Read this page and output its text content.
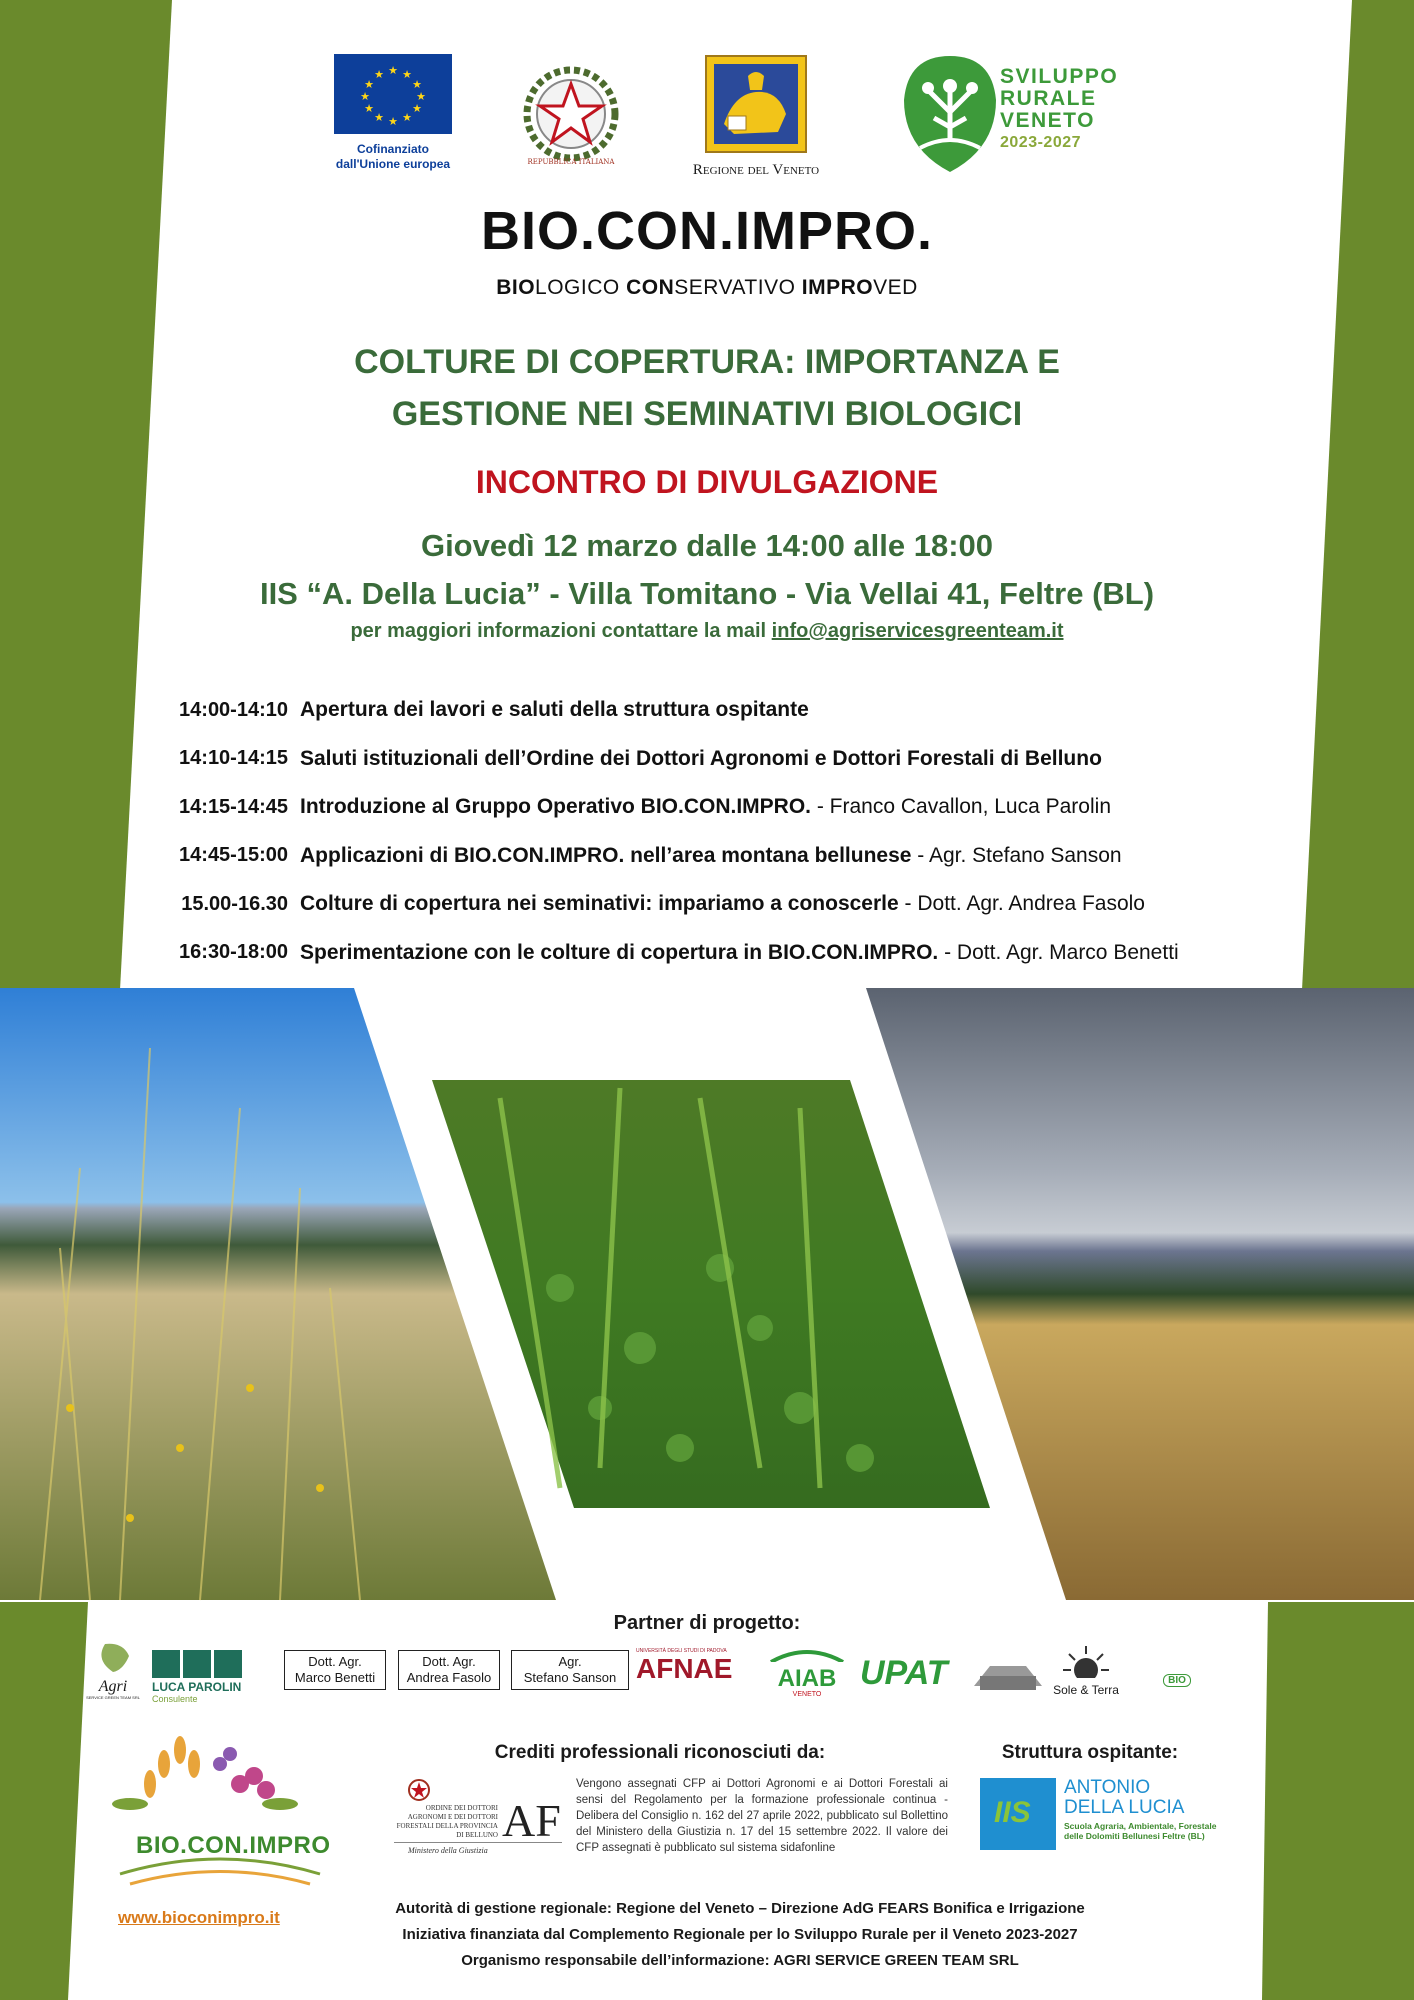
★ ★
★
★
★
★
★
★
★
★
★
★
Cofinanziato
dall'Unione europea	REPUBBLICA ITALIANA	Regione del Veneto
SVILUPPO
RURALE
VENETO
2023-2027
BIO.CON.IMPRO.
BIOLOGICO CONSERVATIVO IMPROVED
COLTURE DI COPERTURA: IMPORTANZA E
GESTIONE NEI SEMINATIVI BIOLOGICI
INCONTRO DI DIVULGAZIONE
Giovedì 12 marzo dalle 14:00 alle 18:00
IIS “A. Della Lucia” - Villa Tomitano - Via Vellai 41, Feltre (BL)
per maggiori informazioni contattare la mail info@agriservicesgreenteam.it
14:00-14:10 Apertura dei lavori e saluti della struttura ospitante
14:10-14:15 Saluti istituzionali dell’Ordine dei Dottori Agronomi e Dottori Forestali di Belluno
14:15-14:45 Introduzione al Gruppo Operativo BIO.CON.IMPRO. - Franco Cavallon, Luca Parolin
14:45-15:00 Applicazioni di BIO.CON.IMPRO. nell’area montana bellunese - Agr. Stefano Sanson
15.00-16.30 Colture di copertura nei seminativi: impariamo a conoscerle - Dott. Agr. Andrea Fasolo
16:30-18:00 Sperimentazione con le colture di copertura in BIO.CON.IMPRO. - Dott. Agr. Marco Benetti
Partner di progetto:
Agri
SERVICE GREEN TEAM SRL
LUCA PAROLIN
Consulente
Dott. Agr.
Marco Benetti
Dott. Agr.
Andrea Fasolo
Agr.
Stefano Sanson
UNIVERSITÀ DEGLI STUDI DI PADOVA
AFNAE	AIAB
VENETO
UPAT	Sole & Terra
BIO
BIO.CON.IMPRO
www.bioconimpro.it
Crediti professionali riconosciuti da:
ORDINE DEI DOTTORI AGRONOMI E DEI DOTTORI FORESTALI DELLA PROVINCIA DI BELLUNO AF
Ministero della Giustizia
Vengono assegnati CFP ai Dottori Agronomi e ai Dottori Forestali ai sensi del Regolamento per la formazione professionale continua - Delibera del Consiglio n. 162 del 27 aprile 2022, pubblicato sul Bollettino del Ministero della Giustizia n. 17 del 15 settembre 2022. Il valore dei CFP assegnati è pubblicato sul sistema sidafonline
Struttura ospitante:
IIS
ANTONIO
DELLA LUCIA
Scuola Agraria, Ambientale, Forestale delle Dolomiti Bellunesi Feltre (BL)
Autorità di gestione regionale: Regione del Veneto – Direzione AdG FEARS Bonifica e Irrigazione
Iniziativa finanziata dal Complemento Regionale per lo Sviluppo Rurale per il Veneto 2023-2027
Organismo responsabile dell’informazione: AGRI SERVICE GREEN TEAM SRL
